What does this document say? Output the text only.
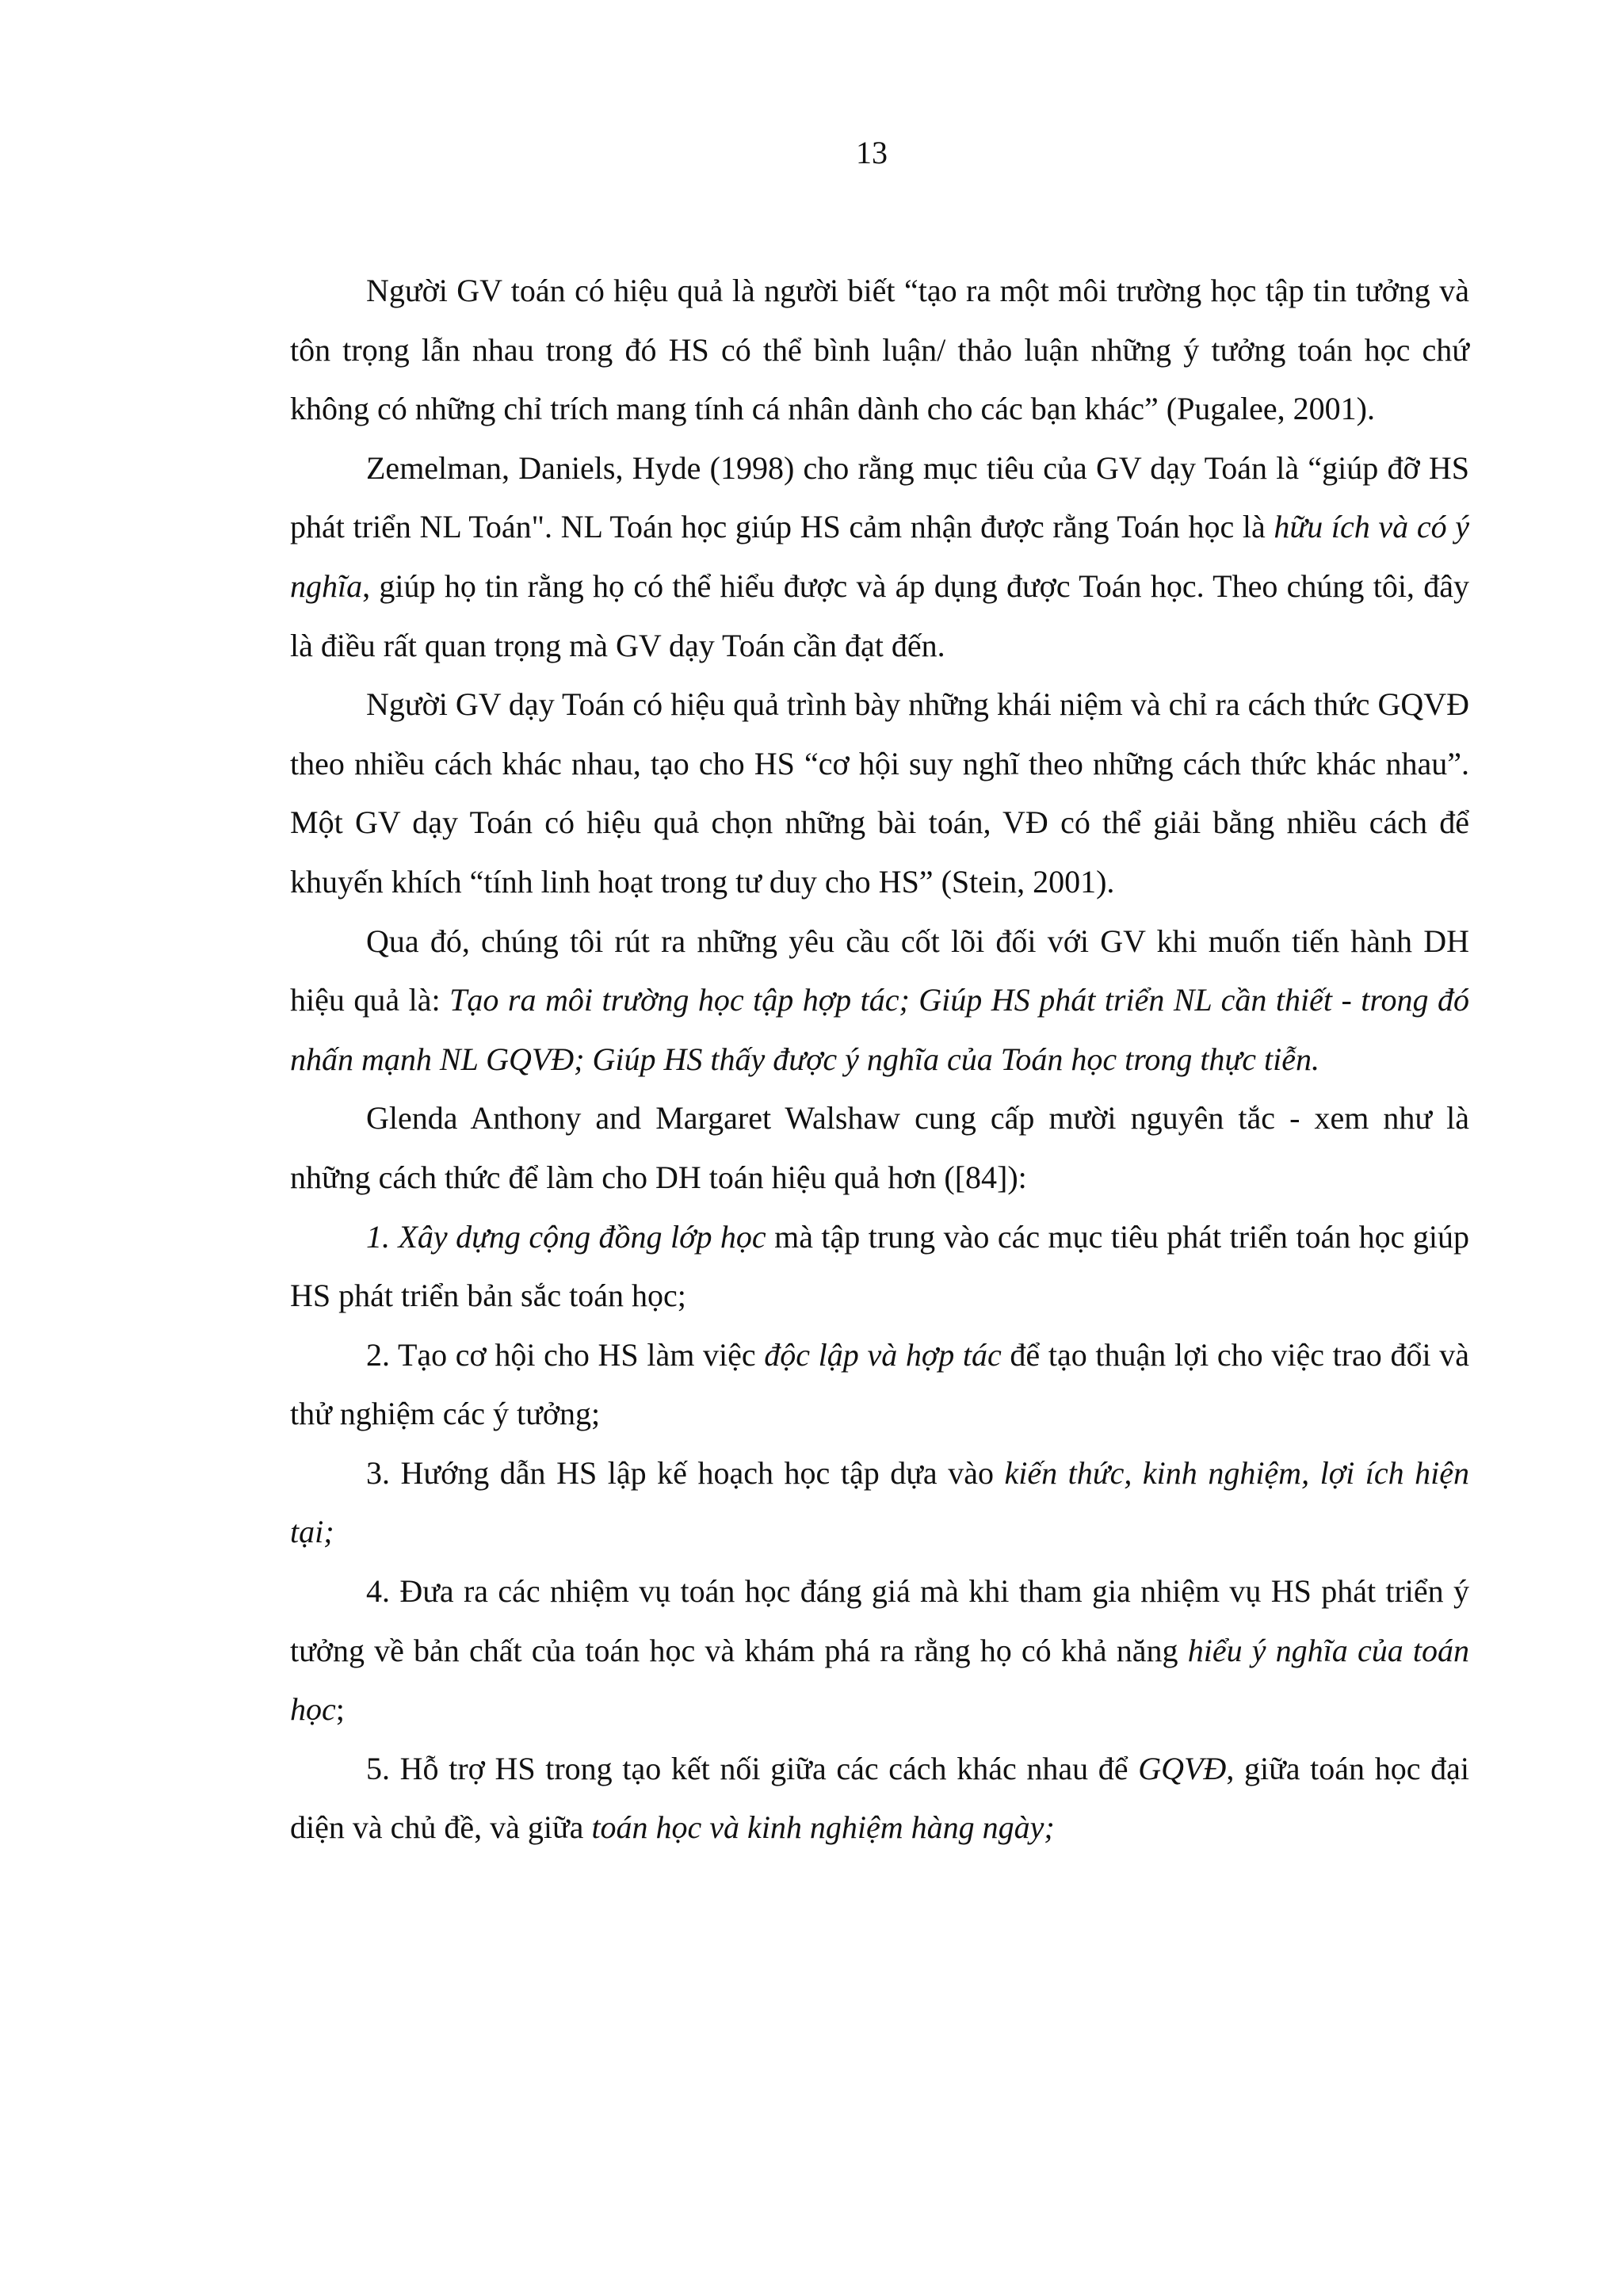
13

Người GV toán có hiệu quả là người biết “tạo ra một môi trường học tập tin tưởng và tôn trọng lẫn nhau trong đó HS có thể bình luận/ thảo luận những ý tưởng toán học chứ không có những chỉ trích mang tính cá nhân dành cho các bạn khác” (Pugalee, 2001).

Zemelman, Daniels, Hyde (1998) cho rằng mục tiêu của GV dạy Toán là “giúp đỡ HS phát triển NL Toán". NL Toán học giúp HS cảm nhận được rằng Toán học là hữu ích và có ý nghĩa, giúp họ tin rằng họ có thể hiểu được và áp dụng được Toán học. Theo chúng tôi, đây là điều rất quan trọng mà GV dạy Toán cần đạt đến.

Người GV dạy Toán có hiệu quả trình bày những khái niệm và chỉ ra cách thức GQVĐ theo nhiều cách khác nhau, tạo cho HS “cơ hội suy nghĩ theo những cách thức khác nhau”. Một GV dạy Toán có hiệu quả chọn những bài toán, VĐ có thể giải bằng nhiều cách để khuyến khích “tính linh hoạt trong tư duy cho HS” (Stein, 2001).

Qua đó, chúng tôi rút ra những yêu cầu cốt lõi đối với GV khi muốn tiến hành DH hiệu quả là: Tạo ra môi trường học tập hợp tác; Giúp HS phát triển NL cần thiết - trong đó nhấn mạnh NL GQVĐ; Giúp HS thấy được ý nghĩa của Toán học trong thực tiễn.

Glenda Anthony and Margaret Walshaw cung cấp mười nguyên tắc - xem như là những cách thức để làm cho DH toán hiệu quả hơn ([84]):

1. Xây dựng cộng đồng lớp học mà tập trung vào các mục tiêu phát triển toán học giúp HS phát triển bản sắc toán học;

2. Tạo cơ hội cho HS làm việc độc lập và hợp tác để tạo thuận lợi cho việc trao đổi và thử nghiệm các ý tưởng;

3. Hướng dẫn HS lập kế hoạch học tập dựa vào kiến thức, kinh nghiệm, lợi ích hiện tại;

4. Đưa ra các nhiệm vụ toán học đáng giá mà khi tham gia nhiệm vụ HS phát triển ý tưởng về bản chất của toán học và khám phá ra rằng họ có khả năng hiểu ý nghĩa của toán học;

5. Hỗ trợ HS trong tạo kết nối giữa các cách khác nhau để GQVĐ, giữa toán học đại diện và chủ đề, và giữa toán học và kinh nghiệm hàng ngày;
